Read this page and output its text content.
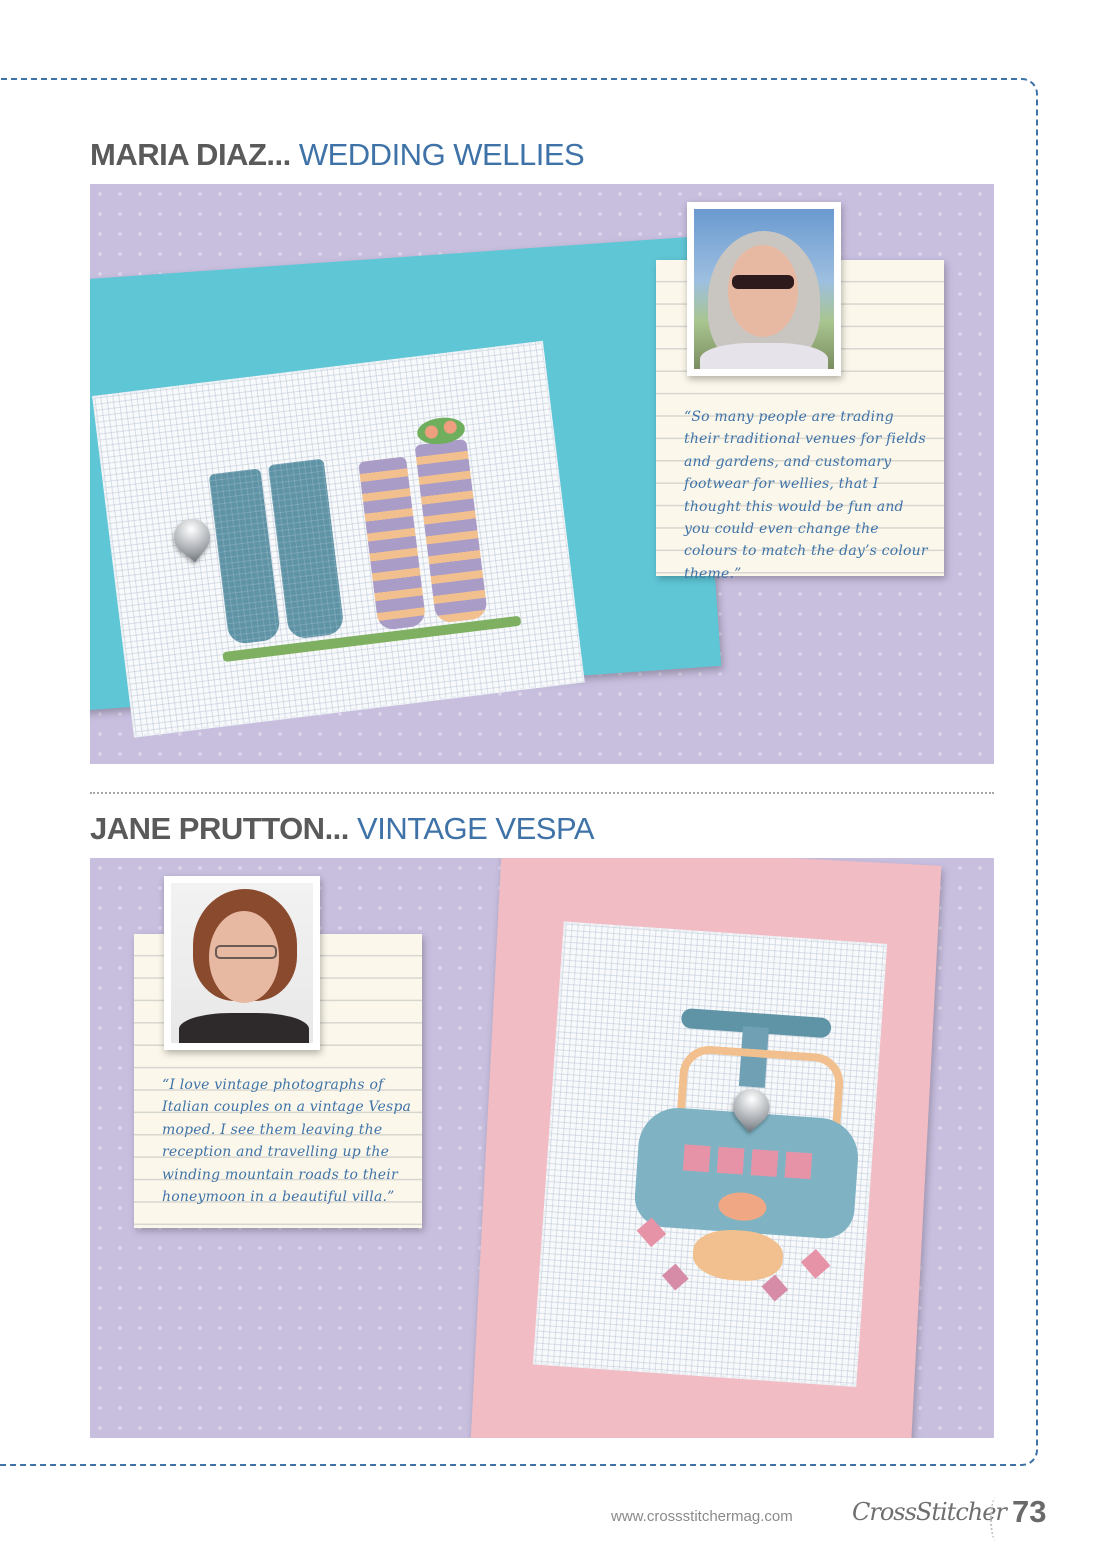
MARIA DIAZ... WEDDING WELLIES
“So many people are trading their traditional venues for fields and gardens, and customary footwear for wellies, that I thought this would be fun and you could even change the colours to match the day’s colour theme.”
JANE PRUTTON... VINTAGE VESPA
“I love vintage photographs of Italian couples on a vintage Vespa moped. I see them leaving the reception and travelling up the winding mountain roads to their honeymoon in a beautiful villa.”
www.crossstitchermag.com CrossStitcher 73
